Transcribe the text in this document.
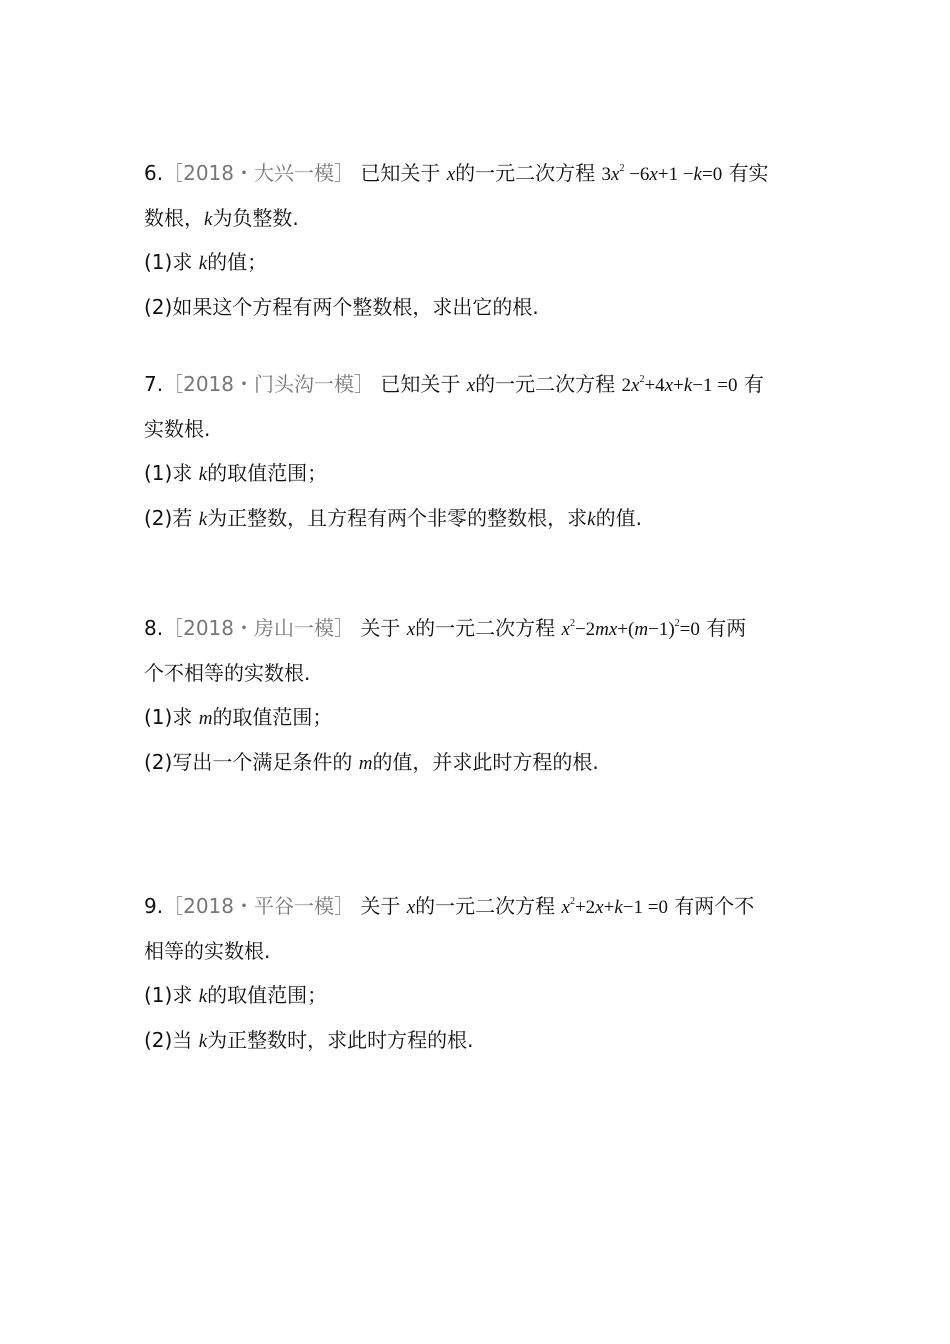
6.［2018・大兴一模］ 已知关于 x的一元二次方程 $3x^2 -6x+1 -k=0$ 有实
数根，k为负整数.
(1)求 k的值；
(2)如果这个方程有两个整数根，求出它的根.
7.［2018・门头沟一模］ 已知关于 x的一元二次方程 $2x^2+4x+k-1 =0$ 有
实数根.
(1)求 k的取值范围；
(2)若 k为正整数，且方程有两个非零的整数根，求k的值.
8.［2018・房山一模］ 关于 x的一元二次方程 $x^2-2mx+(m-1)^2=0$ 有两
个不相等的实数根.
(1)求 m的取值范围；
(2)写出一个满足条件的 m的值，并求此时方程的根.
9.［2018・平谷一模］ 关于 x的一元二次方程 $x^2+2x+k-1 =0$ 有两个不
相等的实数根.
(1)求 k的取值范围；
(2)当 k为正整数时，求此时方程的根.
